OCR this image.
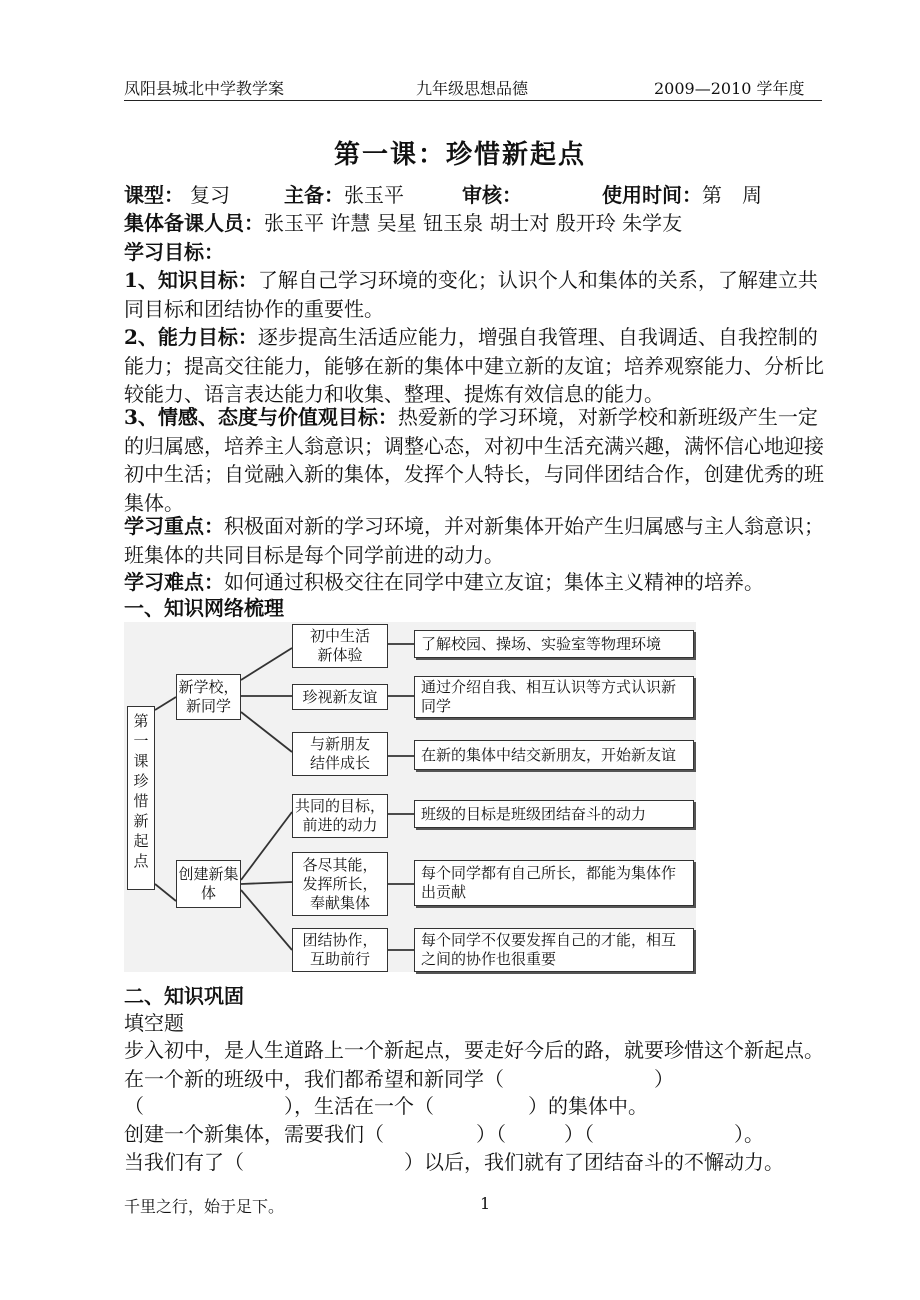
凤阳县城北中学教学案	九年级思想品德	2009—2010 学年度
第一课：珍惜新起点
课型： 复习	主备：张玉平	审核：	使用时间：第　周
集体备课人员：张玉平 许慧 吴星 钮玉泉 胡士对 殷开玲 朱学友
学习目标：
1、知识目标：了解自己学习环境的变化；认识个人和集体的关系，了解建立共同目标和团结协作的重要性。
2、能力目标：逐步提高生活适应能力，增强自我管理、自我调适、自我控制的能力；提高交往能力，能够在新的集体中建立新的友谊；培养观察能力、分析比较能力、语言表达能力和收集、整理、提炼有效信息的能力。
3、情感、态度与价值观目标：热爱新的学习环境，对新学校和新班级产生一定的归属感，培养主人翁意识；调整心态，对初中生活充满兴趣，满怀信心地迎接初中生活；自觉融入新的集体，发挥个人特长，与同伴团结合作，创建优秀的班集体。
学习重点：积极面对新的学习环境，并对新集体开始产生归属感与主人翁意识；班集体的共同目标是每个同学前进的动力。
学习难点：如何通过积极交往在同学中建立友谊；集体主义精神的培养。
一、知识网络梳理
第一课珍惜新起点
新学校，新同学
创建新集体
初中生活新体验
珍视新友谊
与新朋友结伴成长
共同的目标，前进的动力
各尽其能，发挥所长，奉献集体
团结协作，互助前行
了解校园、操场、实验室等物理环境
通过介绍自我、相互认识等方式认识新同学
在新的集体中结交新朋友，开始新友谊
班级的目标是班级团结奋斗的动力
每个同学都有自己所长，都能为集体作出贡献
每个同学不仅要发挥自己的才能，相互之间的协作也很重要
二、知识巩固
填空题
步入初中，是人生道路上一个新起点，要走好今后的路，就要珍惜这个新起点。在一个新的班级中，我们都希望和新同学（	）
（	），生活在一个（	）的集体中。
创建一个新集体，需要我们（	）（	）（	）。
当我们有了（	）以后，我们就有了团结奋斗的不懈动力。
千里之行，始于足下。	1
